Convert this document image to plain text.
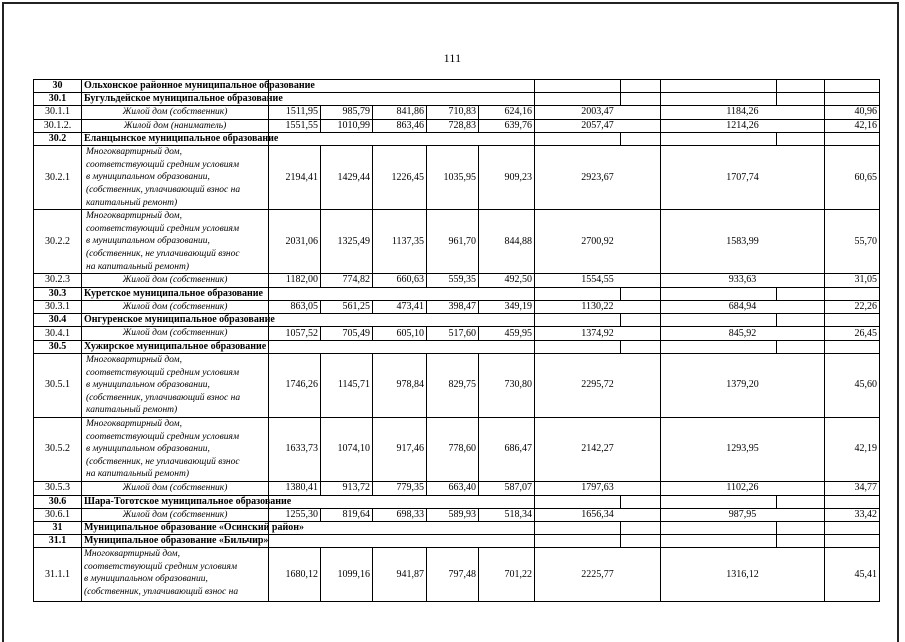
111
30	Ольхонское районное муниципальное образование										
30.1	Бугульдейское муниципальное образование										
30.1.1	Жилой дом (собственник)	1511,95	985,79	841,86	710,83	624,16	2003,47		1184,26		40,96
30.1.2.	Жилой дом (наниматель)	1551,55	1010,99	863,46	728,83	639,76	2057,47		1214,26		42,16
30.2	Еланцынское муниципальное образование										
30.2.1	Многоквартирный дом,
соответствующий средним условиям
в муниципальном образовании,
(собственник, уплачивающий взнос на
капитальный ремонт)	2194,41	1429,44	1226,45	1035,95	909,23	2923,67		1707,74		60,65
30.2.2	Многоквартирный дом,
соответствующий средним условиям
в муниципальном образовании,
(собственник, не уплачивающий взнос
на капитальный ремонт)	2031,06	1325,49	1137,35	961,70	844,88	2700,92		1583,99		55,70
30.2.3	Жилой дом (собственник)	1182,00	774,82	660,63	559,35	492,50	1554,55		933,63		31,05
30.3	Куретское муниципальное образование										
30.3.1	Жилой дом (собственник)	863,05	561,25	473,41	398,47	349,19	1130,22		684,94		22,26
30.4	Онгуренское муниципальное образование										
30.4.1	Жилой дом (собственник)	1057,52	705,49	605,10	517,60	459,95	1374,92		845,92		26,45
30.5	Хужирское муниципальное образование										
30.5.1	Многоквартирный дом,
соответствующий средним условиям
в муниципальном образовании,
(собственник, уплачивающий взнос на
капитальный ремонт)	1746,26	1145,71	978,84	829,75	730,80	2295,72		1379,20		45,60
30.5.2	Многоквартирный дом,
соответствующий средним условиям
в муниципальном образовании,
(собственник, не уплачивающий взнос
на капитальный ремонт)	1633,73	1074,10	917,46	778,60	686,47	2142,27		1293,95		42,19
30.5.3	Жилой дом (собственник)	1380,41	913,72	779,35	663,40	587,07	1797,63		1102,26		34,77
30.6	Шара-Тоготское муниципальное образование										
30.6.1	Жилой дом (собственник)	1255,30	819,64	698,33	589,93	518,34	1656,34		987,95		33,42
31	Муниципальное образование «Осинский район»										
31.1	Муниципальное образование «Бильчир»										
31.1.1	Многоквартирный дом,
соответствующий средним условиям
в муниципальном образовании,
(собственник, уплачивающий взнос на	1680,12	1099,16	941,87	797,48	701,22	2225,77		1316,12		45,41
